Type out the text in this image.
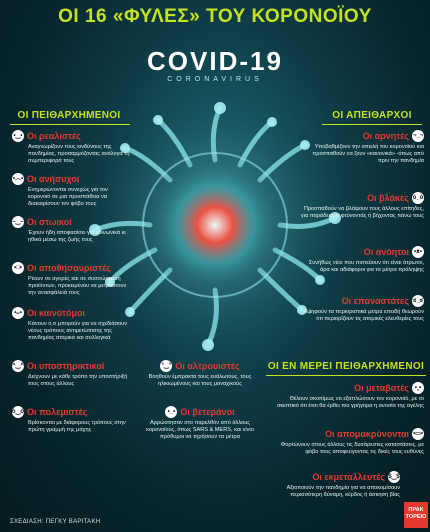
ΟΙ 16 «ΦΥΛΕΣ» ΤΟΥ ΚΟΡΟΝΟΪΟΥ
COVID-19
CORONAVIRUS
ΟΙ ΠΕΙΘΑΡΧΗΜΕΝΟΙ	ΟΙ ΑΠΕΙΘΑΡΧΟΙ
ΟΙ ΕΝ ΜΕΡΕΙ ΠΕΙΘΑΡΧΗΜΕΝΟΙ
•‿• Οι ρεαλιστές
Αναγνωρίζουν τους κινδύνους της πανδημίας, προσαρμόζοντας ανάλογα τη συμπεριφορά τους
•︵• Οι ανήσυχοι
Ενημερώνονται συνεχώς για τον κορονοϊό σε μια προσπάθεια να διακαιρίσουν τον φόβο τους
–‿– Οι στωικοί
Έχουν ήδη αποφασίσει για κοινωνικά κι ηθικά μέσω της ζωής τους
•□• Οι αποθησαυριστές
Ρέουν σε αγορές και σε συσσώρευση προϊόντων, προκειμένου να μετριάσουν την ανασφάλειά τους
•ᴗ• Οι καινοτόμοι
Κάνουν ό,τι μπορούν για να σχεδιάσουν νέους τρόπους αντιμετώπισης της πανδημίας ατομικά και συλλογικά
^‿^ Οι υποστηρικτικοί
Δείχνουν με κάθε τρόπο την υποστήριξή τους στους άλλους
ò‿ó Οι πολεμιστές
Βρίσκονται με διάφορους τρόπους στην πρώτη γραμμή της μάχης
°‿° Οι αλτρουιστές
Βοηθούν έμπρακτα τους ευάλωτους, τους ηλικιωμένους και τους μοναχικούς
•_• Οι βετεράνοι
Αρρώστησαν στο παρελθόν από άλλους κορονοϊούς, όπως SARS & MERS, και είναι πρόθυμοι να τηρήσουν τα μέτρα
Οι αρνητές ¬_¬
Υποβαθμίζουν την απειλή του κορονοϊού και προσπαθούν να ζουν «κανονικά» -όπως από πριν την πανδημία
Οι βλάκες ó_ò
Προσπαθούν να βλάψουν τους άλλους επίτηδες, για παράδειγμα φτύνοντάς ή βήχοντας πάνω τους
Οι ανόητοι •ᴥ•
Συνήθως νέοι που πιστεύουν ότι είναι άτρωτοι, άρα και αδιάφοροι για τα μέτρα πρόληψης
Οι επαναστάτες ಠ_ಠ
Αψηφούν τα περιοριστικά μέτρα επειδή θεωρούν ότι περιορίζουν τις ατομικές ελευθερίες τους
Οι μεταβατές •‸•
Θέλουν σκοπίμως να εξαπλώσουν τον κορονοϊό, με το σκεπτικό ότι έτσι θα έρθει πιο γρήγορα η ανοσία της αγέλης
Οι απομακρύνονται •▭•
Φορτώνουν στους άλλους τις δυσάρεστες καταστάσεις, με φόβο τους αποφεύγοντας τις δικές τους ευθύνες
Οι εκμεταλλευτές $‿$
Αξιοποιούν την πανδημία για να αποκομίσουν περισσότερη δύναμη, κέρδος ή άσκηση βίας
ΣΧΕΔΙΑΣΗ: ΠΕΓΚΥ ΒΑΡΙΤΑΚΗ
ΠΡΑΚ ΤΟΡΕΙΟ
